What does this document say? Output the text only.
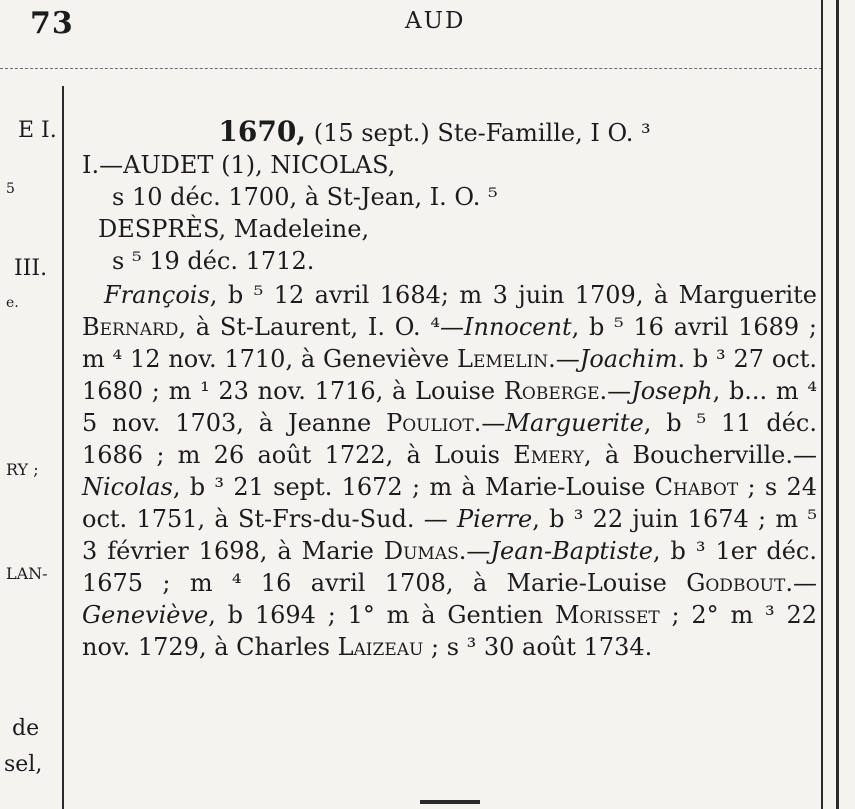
73	AUD
E I.
5
III.
e.
RY ;
LAN-
de
sel,

1670, (15 sept.) Ste-Famille, I O. ³

I.—AUDET (1), NICOLAS,

s 10 déc. 1700, à St-Jean, I. O. ⁵

DESPRÈS, Madeleine,

s ⁵ 19 déc. 1712.

François, b ⁵ 12 avril 1684; m 3 juin 1709, à Marguerite Bernard, à St-Laurent, I. O. ⁴—Innocent, b ⁵ 16 avril 1689 ; m ⁴ 12 nov. 1710, à Geneviève Lemelin.—Joachim. b ³ 27 oct. 1680 ; m ¹ 23 nov. 1716, à Louise Roberge.—Joseph, b... m ⁴ 5 nov. 1703, à Jeanne Pouliot.—Marguerite, b ⁵ 11 déc. 1686 ; m 26 août 1722, à Louis Emery, à Boucherville.—Nicolas, b ³ 21 sept. 1672 ; m à Marie-Louise Chabot ; s 24 oct. 1751, à St-Frs-du-Sud. — Pierre, b ³ 22 juin 1674 ; m ⁵ 3 février 1698, à Marie Dumas.—Jean-Baptiste, b ³ 1er déc. 1675 ; m ⁴ 16 avril 1708, à Marie-Louise Godbout.—Geneviève, b 1694 ; 1° m à Gentien Morisset ; 2° m ³ 22 nov. 1729, à Charles Laizeau ; s ³ 30 août 1734.
